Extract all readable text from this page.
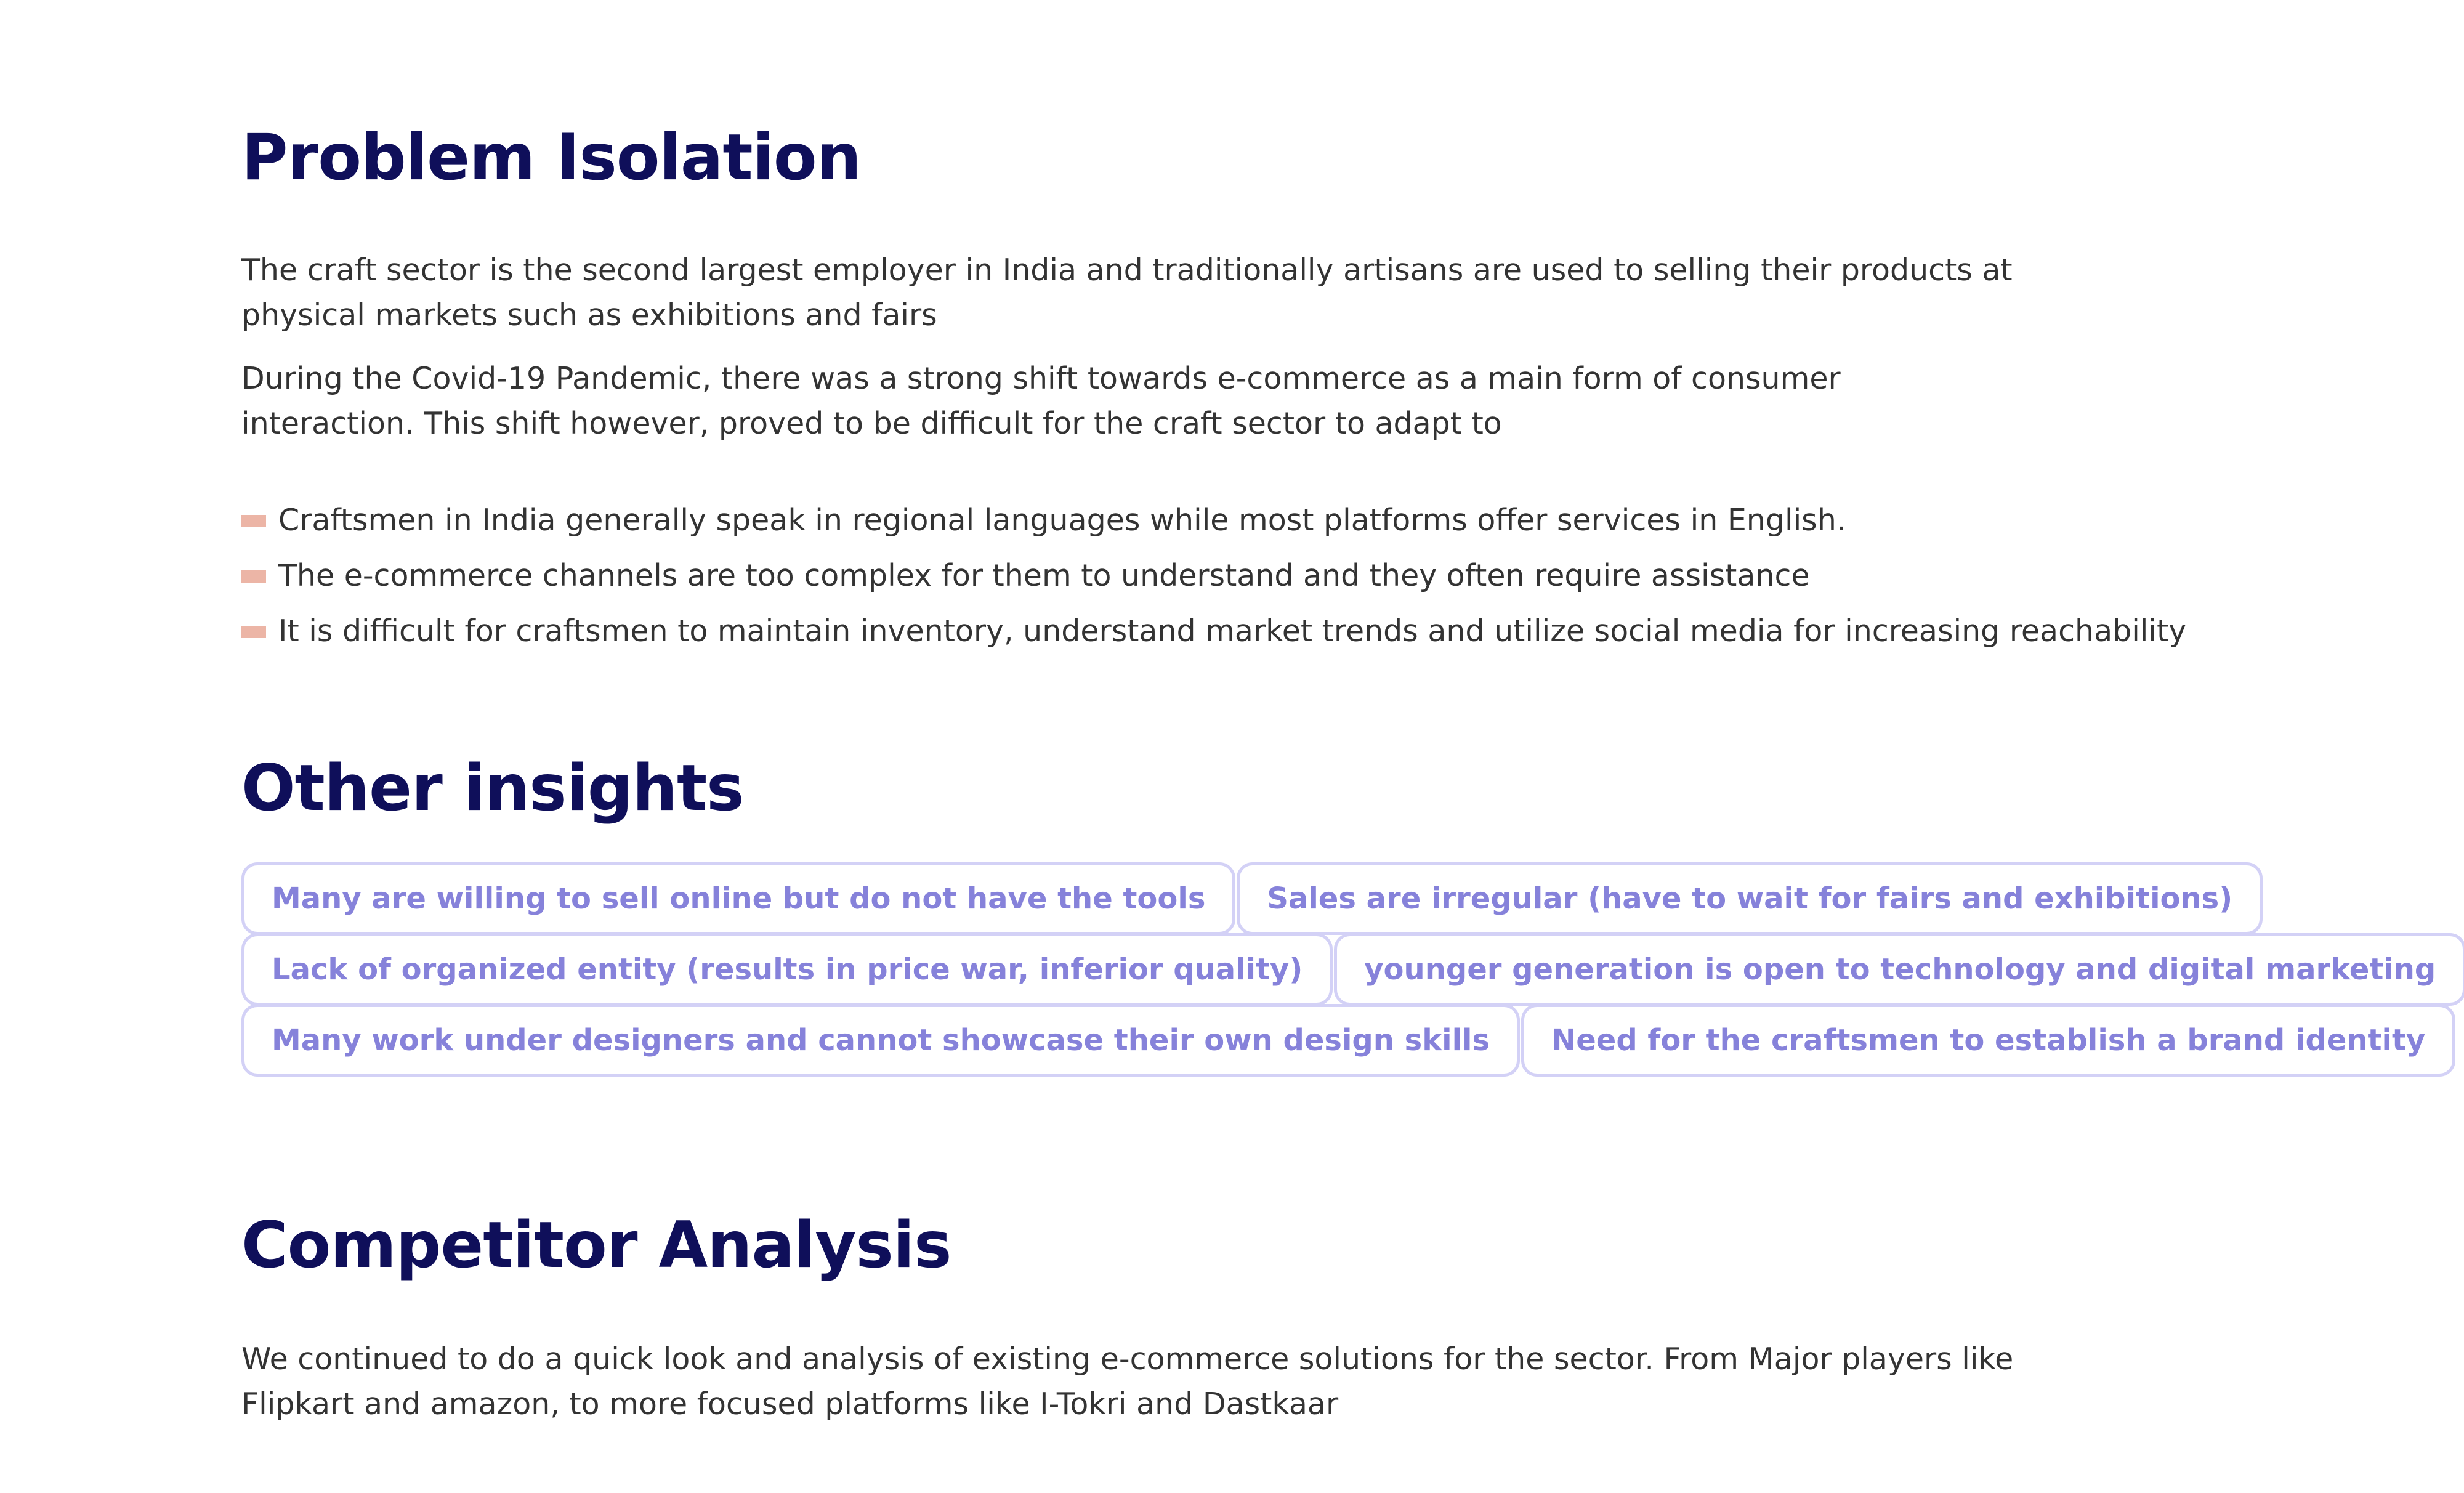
Problem Isolation

The craft sector is the second largest employer in India and traditionally artisans are used to selling their products at physical markets such as exhibitions and fairs

During the Covid-19 Pandemic, there was a strong shift towards e-commerce as a main form of consumer interaction. This shift however, proved to be difficult for the craft sector to adapt to

Craftsmen in India generally speak in regional languages while most platforms offer services in English.
The e-commerce channels are too complex for them to understand and they often require assistance
It is difficult for craftsmen to maintain inventory, understand market trends and utilize social media for increasing reachability
Other insights
Many are willing to sell online but do not have the tools	Sales are irregular (have to wait for fairs and exhibitions)
Lack of organized entity (results in price war, inferior quality)	younger generation is open to technology and digital marketing
Many work under designers and cannot showcase their own design skills	Need for the craftsmen to establish a brand identity
Competitor Analysis

We continued to do a quick look and analysis of existing e-commerce solutions for the sector. From Major players like Flipkart and amazon, to more focused platforms like I-Tokri and Dastkaar
